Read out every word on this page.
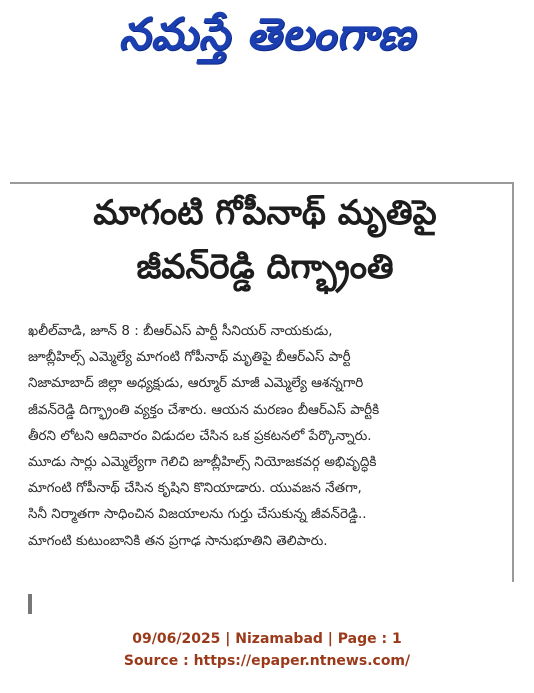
నమస్తే తెలంగాణ
మాగంటి గోపీనాథ్ మృతిపై
జీవన్‌రెడ్డి దిగ్భ్రాంతి
ఖలీల్‌వాడి, జూన్ 8 : బీఆర్‌ఎస్ పార్టీ సీనియర్ నాయకుడు,
జూబ్లీహిల్స్ ఎమ్మెల్యే మాగంటి గోపీనాథ్ మృతిపై బీఆర్‌ఎస్ పార్టీ
నిజామాబాద్ జిల్లా అధ్యక్షుడు, ఆర్మూర్ మాజీ ఎమ్మెల్యే ఆశన్నగారి
జీవన్‌రెడ్డి దిగ్భ్రాంతి వ్యక్తం చేశారు. ఆయన మరణం బీఆర్‌ఎస్ పార్టీకి
తీరని లోటని ఆదివారం విడుదల చేసిన ఒక ప్రకటనలో పేర్కొన్నారు.
మూడు సార్లు ఎమ్మెల్యేగా గెలిచి జూబ్లీహిల్స్ నియోజకవర్గ అభివృద్ధికి
మాగంటి గోపీనాథ్ చేసిన కృషిని కొనియాడారు. యువజన నేతగా,
సినీ నిర్మాతగా సాధించిన విజయాలను గుర్తు చేసుకున్న జీవన్‌రెడ్డి..
మాగంటి కుటుంబానికి తన ప్రగాఢ సానుభూతిని తెలిపారు.
09/06/2025 | Nizamabad | Page : 1
Source : https://epaper.ntnews.com/
